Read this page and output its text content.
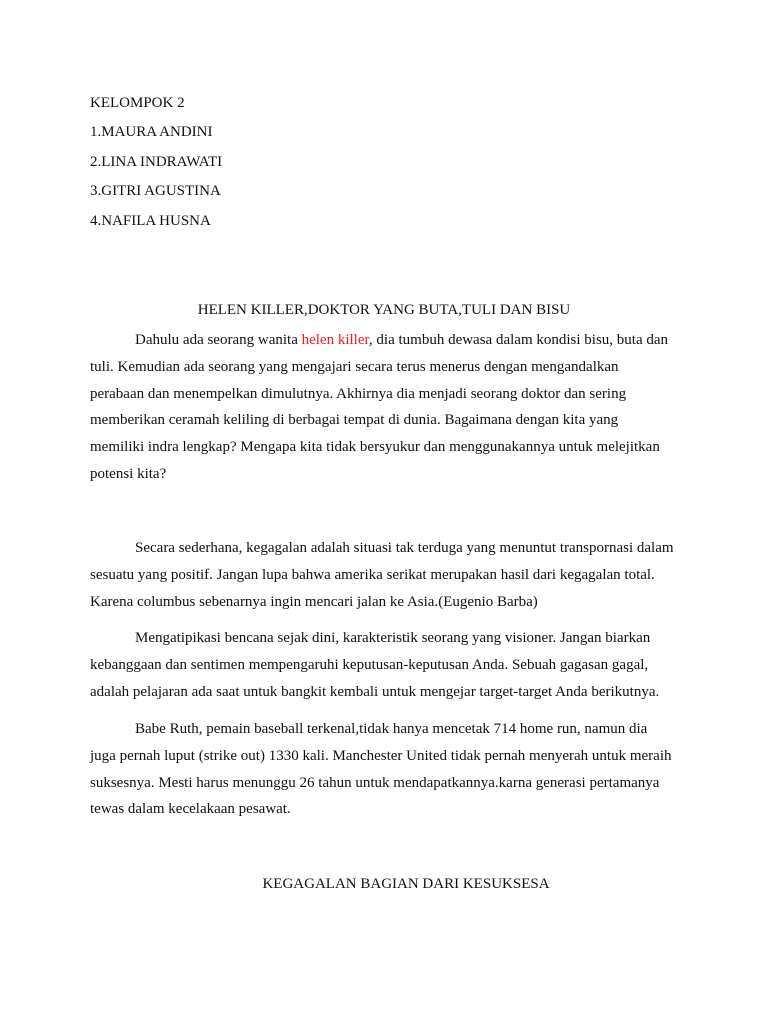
KELOMPOK 2
1.MAURA ANDINI
2.LINA INDRAWATI
3.GITRI AGUSTINA
4.NAFILA HUSNA
HELEN KILLER,DOKTOR YANG BUTA,TULI DAN BISU

Dahulu ada seorang wanita helen killer, dia tumbuh dewasa dalam kondisi bisu, buta dan tuli. Kemudian ada seorang yang mengajari secara terus menerus dengan mengandalkan perabaan dan menempelkan dimulutnya. Akhirnya dia menjadi seorang doktor dan sering memberikan ceramah keliling di berbagai tempat di dunia. Bagaimana dengan kita yang memiliki indra lengkap? Mengapa kita tidak bersyukur dan menggunakannya untuk melejitkan potensi kita?

Secara sederhana, kegagalan adalah situasi tak terduga yang menuntut transpornasi dalam sesuatu yang positif. Jangan lupa bahwa amerika serikat merupakan hasil dari kegagalan total. Karena columbus sebenarnya ingin mencari jalan ke Asia.(Eugenio Barba)

Mengatipikasi bencana sejak dini, karakteristik seorang yang visioner. Jangan biarkan kebanggaan dan sentimen mempengaruhi keputusan-keputusan Anda. Sebuah gagasan gagal, adalah pelajaran ada saat untuk bangkit kembali untuk mengejar target-target Anda berikutnya.

Babe Ruth, pemain baseball terkenal,tidak hanya mencetak 714 home run, namun dia juga pernah luput (strike out) 1330 kali. Manchester United tidak pernah menyerah untuk meraih suksesnya. Mesti harus menunggu 26 tahun untuk mendapatkannya.karna generasi pertamanya tewas dalam kecelakaan pesawat.

KEGAGALAN BAGIAN DARI KESUKSESA
